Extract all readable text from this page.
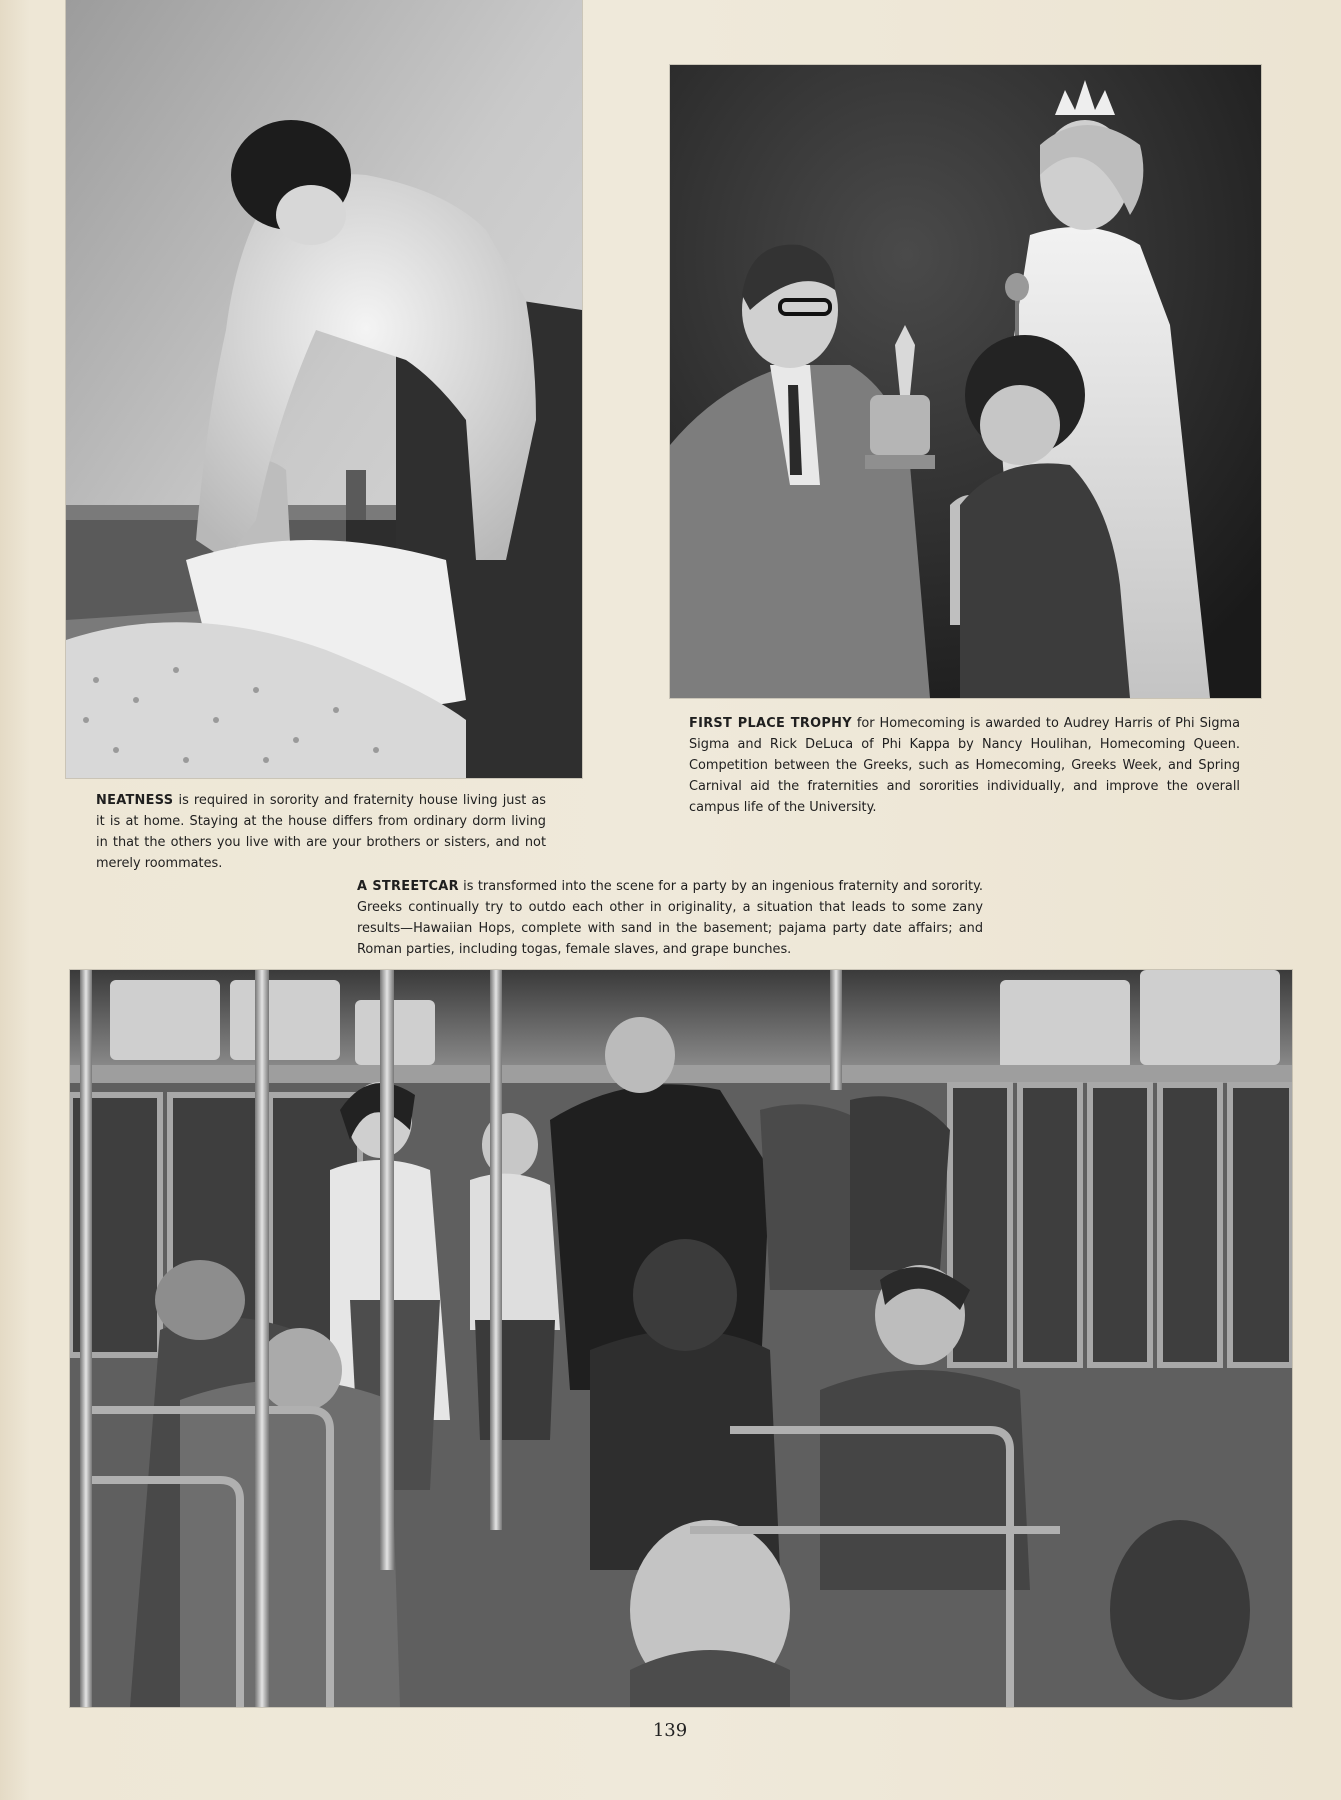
NEATNESS is required in sorority and fraternity house living just as it is at home. Staying at the house differs from ordinary dorm living in that the others you live with are your brothers or sisters, and not merely roommates.

FIRST PLACE TROPHY for Homecoming is awarded to Audrey Harris of Phi Sigma Sigma and Rick DeLuca of Phi Kappa by Nancy Houlihan, Homecoming Queen. Competition between the Greeks, such as Homecoming, Greeks Week, and Spring Carnival aid the fraternities and sororities individually, and improve the overall campus life of the University.

A STREETCAR is transformed into the scene for a party by an ingenious fraternity and sorority. Greeks continually try to outdo each other in originality, a situation that leads to some zany results—Hawaiian Hops, complete with sand in the basement; pajama party date affairs; and Roman parties, including togas, female slaves, and grape bunches.

139
